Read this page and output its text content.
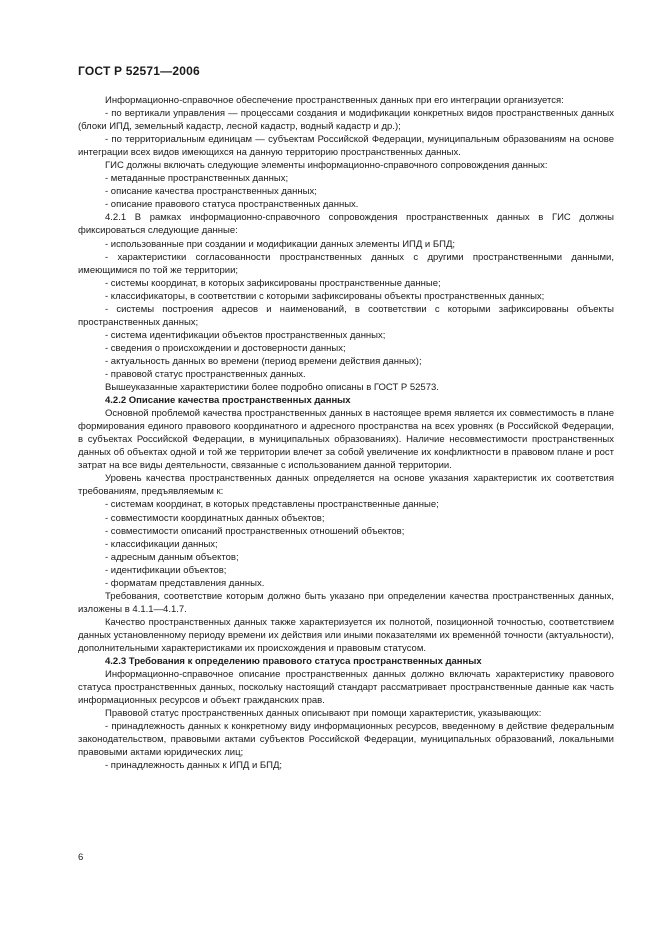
ГОСТ Р 52571—2006

Информационно-справочное обеспечение пространственных данных при его интеграции организуется:

- по вертикали управления — процессами создания и модификации конкретных видов пространственных данных (блоки ИПД, земельный кадастр, лесной кадастр, водный кадастр и др.);

- по территориальным единицам — субъектам Российской Федерации, муниципальным образованиям на основе интеграции всех видов имеющихся на данную территорию пространственных данных.

ГИС должны включать следующие элементы информационно-справочного сопровождения данных:

- метаданные пространственных данных;

- описание качества пространственных данных;

- описание правового статуса пространственных данных.

4.2.1 В рамках информационно-справочного сопровождения пространственных данных в ГИС должны фиксироваться следующие данные:

- использованные при создании и модификации данных элементы ИПД и БПД;

- характеристики согласованности пространственных данных с другими пространственными данными, имеющимися по той же территории;

- системы координат, в которых зафиксированы пространственные данные;

- классификаторы, в соответствии с которыми зафиксированы объекты пространственных данных;

- системы построения адресов и наименований, в соответствии с которыми зафиксированы объекты пространственных данных;

- система идентификации объектов пространственных данных;

- сведения о происхождении и достоверности данных;

- актуальность данных во времени (период времени действия данных);

- правовой статус пространственных данных.

Вышеуказанные характеристики более подробно описаны в ГОСТ Р 52573.

4.2.2 Описание качества пространственных данных

Основной проблемой качества пространственных данных в настоящее время является их совместимость в плане формирования единого правового координатного и адресного пространства на всех уровнях (в Российской Федерации, в субъектах Российской Федерации, в муниципальных образованиях). Наличие несовместимости пространственных данных об объектах одной и той же территории влечет за собой увеличение их конфликтности в правовом плане и рост затрат на все виды деятельности, связанные с использованием данной территории.

Уровень качества пространственных данных определяется на основе указания характеристик их соответствия требованиям, предъявляемым к:

- системам координат, в которых представлены пространственные данные;

- совместимости координатных данных объектов;

- совместимости описаний пространственных отношений объектов;

- классификации данных;

- адресным данным объектов;

- идентификации объектов;

- форматам представления данных.

Требования, соответствие которым должно быть указано при определении качества пространственных данных, изложены в 4.1.1—4.1.7.

Качество пространственных данных также характеризуется их полнотой, позиционной точностью, соответствием данных установленному периоду времени их действия или иными показателями их временно́й точности (актуальности), дополнительными характеристиками их происхождения и правовым статусом.

4.2.3 Требования к определению правового статуса пространственных данных

Информационно-справочное описание пространственных данных должно включать характеристику правового статуса пространственных данных, поскольку настоящий стандарт рассматривает пространственные данные как часть информационных ресурсов и объект гражданских прав.

Правовой статус пространственных данных описывают при помощи характеристик, указывающих:

- принадлежность данных к конкретному виду информационных ресурсов, введенному в действие федеральным законодательством, правовыми актами субъектов Российской Федерации, муниципальных образований, локальными правовыми актами юридических лиц;

- принадлежность данных к ИПД и БПД;

6
